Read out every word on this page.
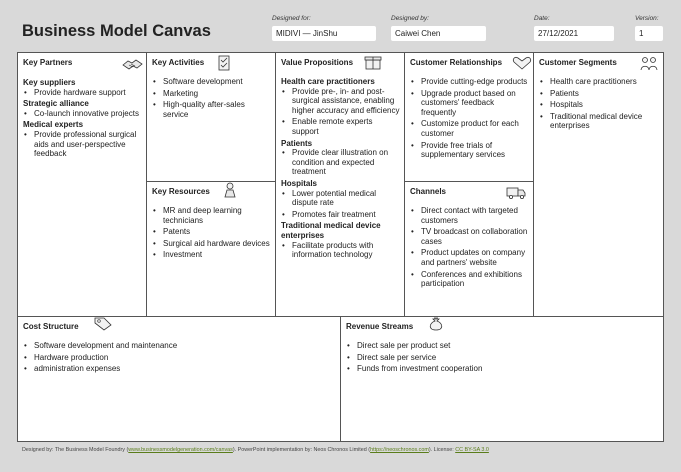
Business Model Canvas
Designed for:
MIDIVI — JinShu
Designed by:
Caiwei Chen
Date:
27/12/2021
Version:
1
Key Partners
Key suppliers
• Provide hardware support
Strategic alliance
• Co-launch innovative projects
Medical experts
• Provide professional surgical aids and user-perspective feedback
Key Activities
• Software development
• Marketing
• High-quality after-sales service
Key Resources
• MR and deep learning technicians
• Patents
• Surgical aid hardware devices
• Investment
Value Propositions
Health care practitioners
• Provide pre-, in- and post-surgical assistance, enabling higher accuracy and efficiency
• Enable remote experts support
Patients
• Provide clear illustration on condition and expected treatment
Hospitals
• Lower potential medical dispute rate
• Promotes fair treatment
Traditional medical device enterprises
• Facilitate products with information technology
Customer Relationships
• Provide cutting-edge products
• Upgrade product based on customers' feedback frequently
• Customize product for each customer
• Provide free trials of supplementary services
Channels
• Direct contact with targeted customers
• TV broadcast on collaboration cases
• Product updates on company and partners' website
• Conferences and exhibitions participation
Customer Segments
• Health care practitioners
• Patients
• Hospitals
• Traditional medical device enterprises
Cost Structure
• Software development and maintenance
• Hardware production
• administration expenses
Revenue Streams
• Direct sale per product set
• Direct sale per service
• Funds from investment cooperation
Designed by: The Business Model Foundry (www.businessmodelgeneration.com/canvas). PowerPoint implementation by: Neos Chronos Limited (https://neoschronos.com). License: CC BY-SA 3.0
